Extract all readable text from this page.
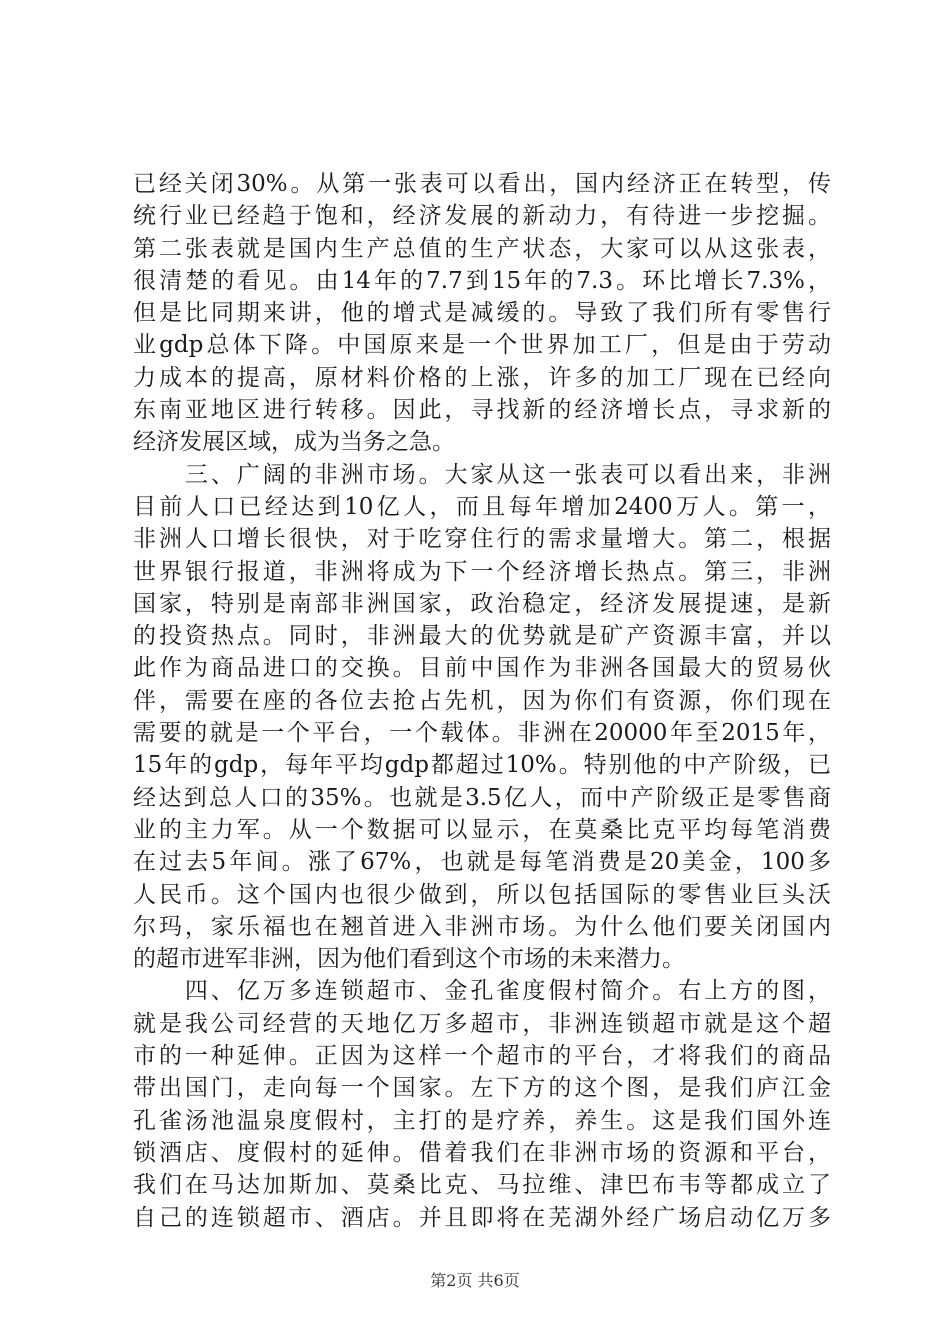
已经关闭30%。从第一张表可以看出，国内经济正在转型，传
统行业已经趋于饱和，经济发展的新动力，有待进一步挖掘。
第二张表就是国内生产总值的生产状态，大家可以从这张表，
很清楚的看见。由14年的7.7到15年的7.3。环比增长7.3%，
但是比同期来讲，他的增式是减缓的。导致了我们所有零售行
业gdp总体下降。中国原来是一个世界加工厂，但是由于劳动
力成本的提高，原材料价格的上涨，许多的加工厂现在已经向
东南亚地区进行转移。因此，寻找新的经济增长点，寻求新的
经济发展区域，成为当务之急。
　　三、广阔的非洲市场。大家从这一张表可以看出来，非洲
目前人口已经达到10亿人，而且每年增加2400万人。第一，
非洲人口增长很快，对于吃穿住行的需求量增大。第二，根据
世界银行报道，非洲将成为下一个经济增长热点。第三，非洲
国家，特别是南部非洲国家，政治稳定，经济发展提速，是新
的投资热点。同时，非洲最大的优势就是矿产资源丰富，并以
此作为商品进口的交换。目前中国作为非洲各国最大的贸易伙
伴，需要在座的各位去抢占先机，因为你们有资源，你们现在
需要的就是一个平台，一个载体。非洲在20000年至2015年，
15年的gdp，每年平均gdp都超过10%。特别他的中产阶级，已
经达到总人口的35%。也就是3.5亿人，而中产阶级正是零售商
业的主力军。从一个数据可以显示，在莫桑比克平均每笔消费
在过去5年间。涨了67%，也就是每笔消费是20美金，100多
人民币。这个国内也很少做到，所以包括国际的零售业巨头沃
尔玛，家乐福也在翘首进入非洲市场。为什么他们要关闭国内
的超市进军非洲，因为他们看到这个市场的未来潜力。
　　四、亿万多连锁超市、金孔雀度假村简介。右上方的图，
就是我公司经营的天地亿万多超市，非洲连锁超市就是这个超
市的一种延伸。正因为这样一个超市的平台，才将我们的商品
带出国门，走向每一个国家。左下方的这个图，是我们庐江金
孔雀汤池温泉度假村，主打的是疗养，养生。这是我们国外连
锁酒店、度假村的延伸。借着我们在非洲市场的资源和平台，
我们在马达加斯加、莫桑比克、马拉维、津巴布韦等都成立了
自己的连锁超市、酒店。并且即将在芜湖外经广场启动亿万多
第2页 共6页
